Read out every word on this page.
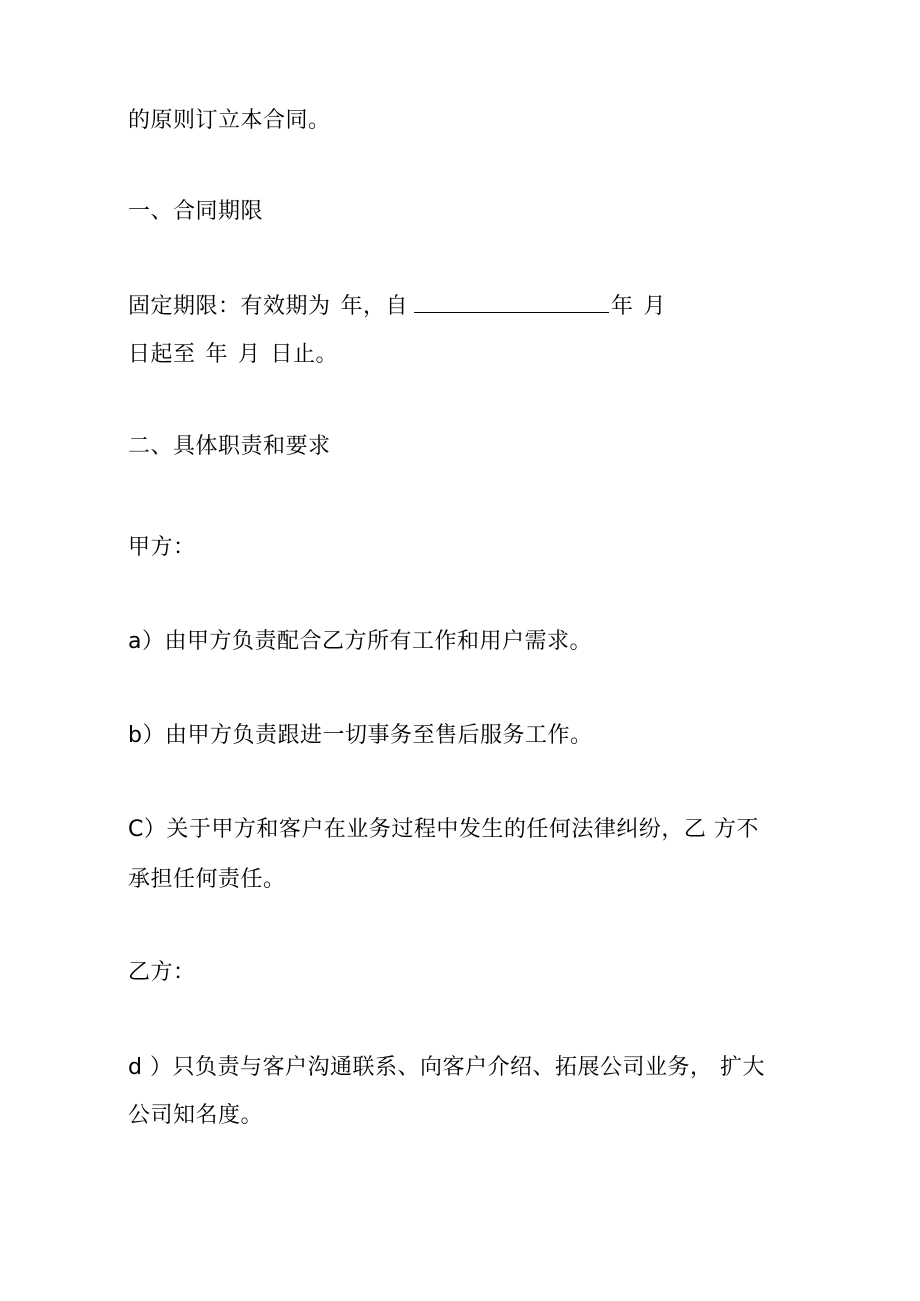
的原则订立本合同。
一、合同期限
固定期限：有效期为 年，自	年 月
日起至 年 月 日止。
二、具体职责和要求
甲方：
a）由甲方负责配合乙方所有工作和用户需求。
b）由甲方负责跟进一切事务至售后服务工作。
C）关于甲方和客户在业务过程中发生的任何法律纠纷，乙 方不
承担任何责任。
乙方：
d ）只负责与客户沟通联系、向客户介绍、拓展公司业务， 扩大
公司知名度。
